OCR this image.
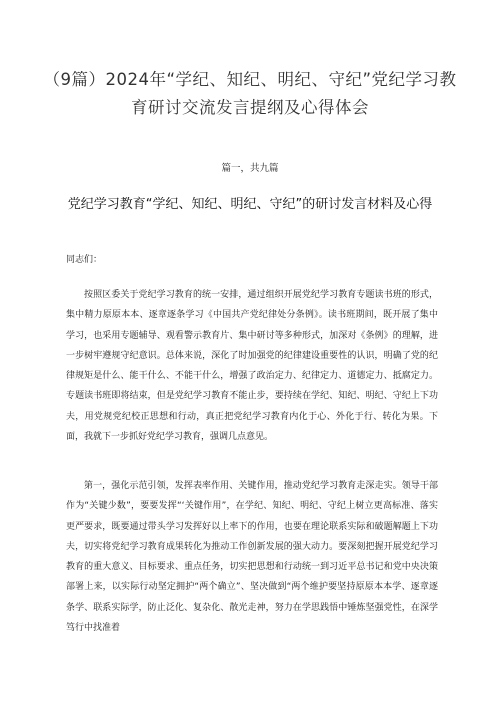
（9篇）2024年“学纪、知纪、明纪、守纪”党纪学习教育研讨交流发言提纲及心得体会

篇一，共九篇

党纪学习教育“学纪、知纪、明纪、守纪”的研讨发言材料及心得

同志们：

按照区委关于党纪学习教育的统一安排，通过组织开展党纪学习教育专题读书班的形式，集中精力原原本本、逐章逐条学习《中国共产党纪律处分条例》。读书班期间，既开展了集中学习，也采用专题辅导、观看警示教育片、集中研讨等多种形式，加深对《条例》的理解，进一步树牢遵规守纪意识。总体来说，深化了时加强党的纪律建设重要性的认识，明确了党的纪律规矩是什么、能干什么、不能干什么，增强了政治定力、纪律定力、道德定力、抵腐定力。专题读书班即将结束，但是党纪学习教育不能止步，要持续在学纪、知纪、明纪、守纪上下功夫，用党规党纪校正思想和行动，真正把党纪学习教育内化于心、外化于行、转化为果。下面，我就下一步抓好党纪学习教育，强调几点意见。

第一，强化示范引领，发挥表率作用、关键作用，推动党纪学习教育走深走实。领导干部作为“关键少数”，要要发挥“‘关键作用”，在学纪、知纪、明纪、守纪上树立更高标准、落实更严要求，既要通过带头学习发挥好以上率下的作用，也要在理论联系实际和破题解题上下功夫，切实将党纪学习教育成果转化为推动工作创新发展的强大动力。要深刻把握开展党纪学习教育的重大意义、目标要求、重点任务，切实把思想和行动统一到习近平总书记和党中央决策部署上来，以实际行动坚定拥护“两个确立”、坚决做到“两个维护要坚持原原本本学、逐章逐条学、联系实际学，防止泛化、复杂化、散光走神，努力在学思践悟中锤炼坚强党性，在深学笃行中找准着
